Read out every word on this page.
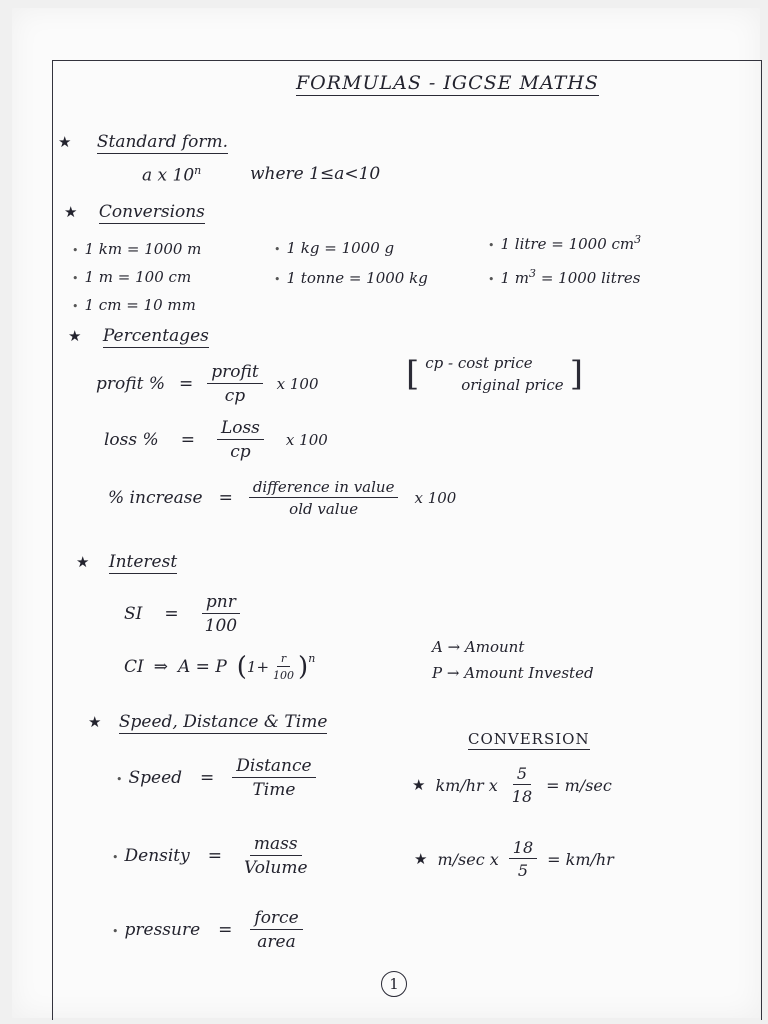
FORMULAS - IGCSE MATHS
★ Standard form.
a x 10$^n$	where 1≤a<10
★ Conversions
• 1 km = 1000 m
• 1 m = 100 cm
• 1 cm = 10 mm
• 1 kg = 1000 g
• 1 tonne = 1000 kg
• 1 litre = 1000 $cm^3$
• 1 $m^3 = 1000$ litres
★ Percentages
profit % = $\frac{\text{profit}}{cp}$ x 100	[ cp - cost price
original price ]
loss % = $\frac{\text{Loss}}{cp}$ x 100
% increase = $\frac{\text{difference in value}}{\text{old value}}$ x 100
★ Interest
SI = $\frac{\text{pnr}}{100}$
CI ⇒ A = P ( $1+ \frac{r}{100} )^n$
A → Amount
P → Amount Invested
★ Speed, Distance & Time
• Speed = $\frac{\text{Distance}}{\text{Time}}$
• Density = $\frac{\text{mass}}{\text{Volume}}$
• pressure = $\frac{\text{force}}{\text{area}}$
CONVERSION
★ km/hr x $\frac{5}{18} = m/\sec$
★ m/sec x $\frac{18}{5} = km/hr$
1
